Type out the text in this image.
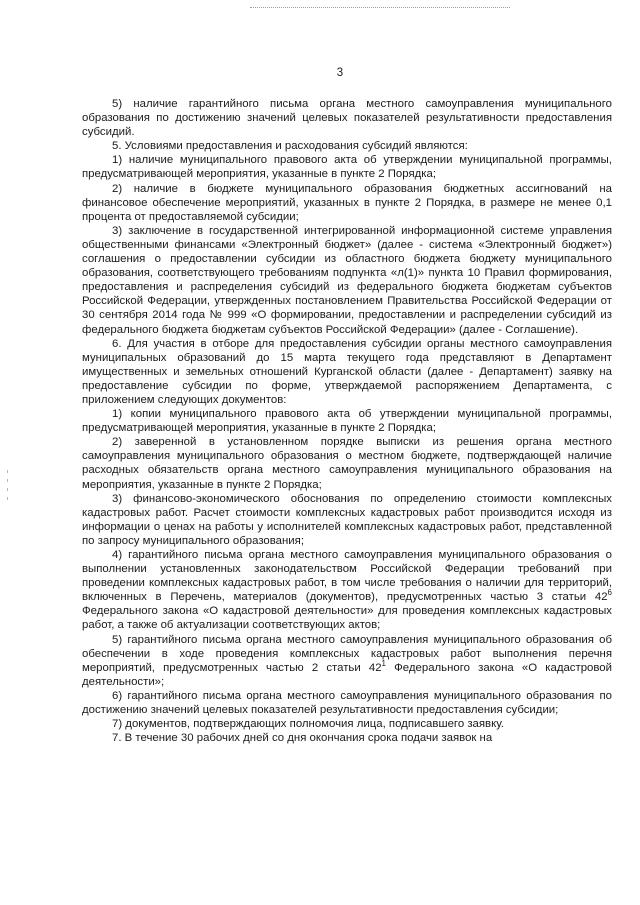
3

5) наличие гарантийного письма органа местного самоуправления муниципального образования по достижению значений целевых показателей результативности предоставления субсидий.

5. Условиями предоставления и расходования субсидий являются:

1) наличие муниципального правового акта об утверждении муниципальной программы, предусматривающей мероприятия, указанные в пункте 2 Порядка;

2) наличие в бюджете муниципального образования бюджетных ассигнований на финансовое обеспечение мероприятий, указанных в пункте 2 Порядка, в размере не менее 0,1 процента от предоставляемой субсидии;

3) заключение в государственной интегрированной информационной системе управления общественными финансами «Электронный бюджет» (далее - система «Электронный бюджет») соглашения о предоставлении субсидии из областного бюджета бюджету муниципального образования, соответствующего требованиям подпункта «л(1)» пункта 10 Правил формирования, предоставления и распределения субсидий из федерального бюджета бюджетам субъектов Российской Федерации, утвержденных постановлением Правительства Российской Федерации от 30 сентября 2014 года № 999 «О формировании, предоставлении и распределении субсидий из федерального бюджета бюджетам субъектов Российской Федерации» (далее - Соглашение).

6. Для участия в отборе для предоставления субсидии органы местного самоуправления муниципальных образований до 15 марта текущего года представляют в Департамент имущественных и земельных отношений Курганской области (далее - Департамент) заявку на предоставление субсидии по форме, утверждаемой распоряжением Департамента, с приложением следующих документов:

1) копии муниципального правового акта об утверждении муниципальной программы, предусматривающей мероприятия, указанные в пункте 2 Порядка;

2) заверенной в установленном порядке выписки из решения органа местного самоуправления муниципального образования о местном бюджете, подтверждающей наличие расходных обязательств органа местного самоуправления муниципального образования на мероприятия, указанные в пункте 2 Порядка;

3) финансово-экономического обоснования по определению стоимости комплексных кадастровых работ. Расчет стоимости комплексных кадастровых работ производится исходя из информации о ценах на работы у исполнителей комплексных кадастровых работ, представленной по запросу муниципального образования;

4) гарантийного письма органа местного самоуправления муниципального образования о выполнении установленных законодательством Российской Федерации требований при проведении комплексных кадастровых работ, в том числе требования о наличии для территорий, включенных в Перечень, материалов (документов), предусмотренных частью 3 статьи $42^6$ Федерального закона «О кадастровой деятельности» для проведения комплексных кадастровых работ, а также об актуализации соответствующих актов;

5) гарантийного письма органа местного самоуправления муниципального образования об обеспечении в ходе проведения комплексных кадастровых работ выполнения перечня мероприятий, предусмотренных частью 2 статьи $42^1$ Федерального закона «О кадастровой деятельности»;

6) гарантийного письма органа местного самоуправления муниципального образования по достижению значений целевых показателей результативности предоставления субсидии;

7) документов, подтверждающих полномочия лица, подписавшего заявку.

7. В течение 30 рабочих дней со дня окончания срока подачи заявок на
